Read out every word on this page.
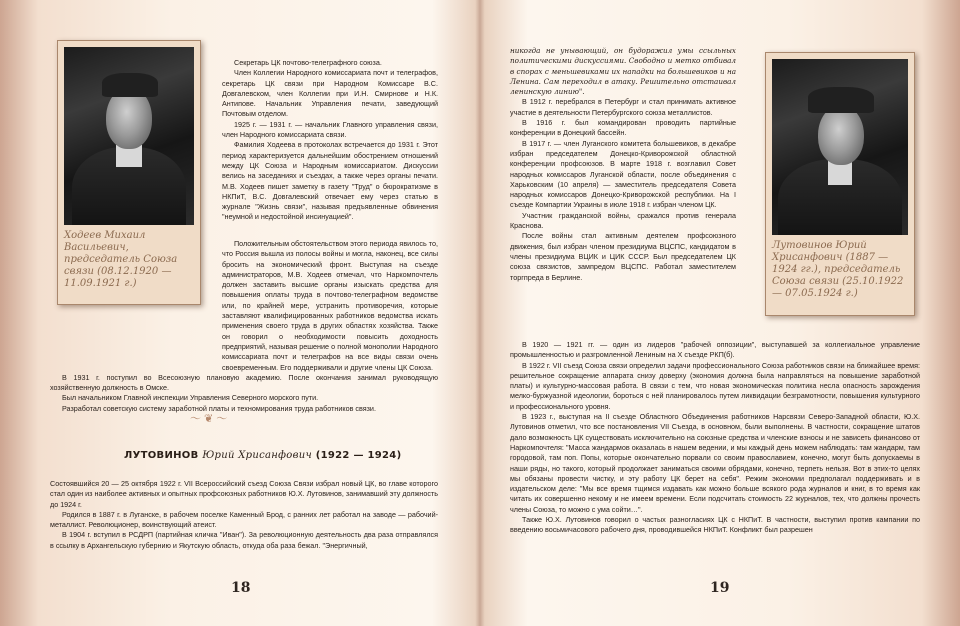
Ходеев Михаил Васильевич, председатель Союза связи (08.12.1920 — 11.09.1921 г.)

Секретарь ЦК почтово-телеграфного союза.

Член Коллегии Народного комиссариата почт и телеграфов, секретарь ЦК связи при Народном Комиссаре В.С. Довгалевском, член Коллегии при И.Н. Смирнове и Н.К. Антипове. Начальник Управления печати, заведующий Почтовым отделом.

1925 г. — 1931 г. — начальник Главного управления связи, член Народного комиссариата связи.

Фамилия Ходеева в протоколах встречается до 1931 г. Этот период характеризуется дальнейшим обострением отношений между ЦК Союза и Народным комиссариатом. Дискуссии велись на заседаниях и съездах, а также через органы печати. М.В. Ходеев пишет заметку в газету "Труд" о бюрократизме в НКПиТ, В.С. Довгалевский отвечает ему через статью в журнале "Жизнь связи", называя предъявленные обвинения "неумной и недостойной инсинуацией".

Положительным обстоятельством этого периода явилось то, что Россия вышла из полосы войны и могла, наконец, все силы бросить на экономический фронт. Выступая на съезде администраторов, М.В. Ходеев отмечал, что Наркомпочтель должен заставить высшие органы изыскать средства для повышения оплаты труда в почтово-телеграфном ведомстве или, по крайней мере, устранить противоречия, которые заставляют квалифицированных работников ведомства искать применения своего труда в других областях хозяйства. Также он говорил о необходимости повысить доходность предприятий, называя решение о полной монополии Народного комиссариата почт и телеграфов на все виды связи очень своевременным. Его поддерживали и другие члены ЦК Союза.

В 1931 г. поступил во Всесоюзную плановую академию. После окончания занимал руководящую хозяйственную должность в Омске.

Был начальником Главной инспекции Управления Северного морского пути.

Разработал советскую систему заработной платы и техномирования труда работников связи.

〜❦〜
ЛУТОВИНОВ Юрий Хрисанфович (1922 — 1924)

Состоявшийся 20 — 25 октября 1922 г. VII Всероссийский съезд Союза Связи избрал новый ЦК, во главе которого стал один из наиболее активных и опытных профсоюзных работников Ю.Х. Лутовинов, занимавший эту должность до 1924 г.

Родился в 1887 г. в Луганске, в рабочем поселке Каменный Брод, с ранних лет работал на заводе — рабочий-металлист. Революционер, воинствующий атеист.

В 1904 г. вступил в РСДРП (партийная кличка "Иван"). За революционную деятельность два раза отправлялся в ссылку в Архангельскую губернию и Якутскую область, откуда оба раза бежал. "Энергичный,

18

никогда не унывающий, он будоражил умы ссыльных политическими дискуссиями. Свободно и метко отбивал в спорах с меньшевиками их нападки на большевиков и на Ленина. Сам переходил в атаку. Решительно отстаивал ленинскую линию".

В 1912 г. перебрался в Петербург и стал принимать активное участие в деятельности Петербургского союза металлистов.

В 1916 г. был командирован проводить партийные конференции в Донецкий бассейн.

В 1917 г. — член Луганского комитета большевиков, в декабре избран председателем Донецко-Криворожской областной конференции профсоюзов. В марте 1918 г. возглавил Совет народных комиссаров Луганской области, после объединения с Харьковским (10 апреля) — заместитель председателя Совета народных комиссаров Донецко-Криворожской республики. На I съезде Компартии Украины в июле 1918 г. избран членом ЦК.

Участник гражданской войны, сражался против генерала Краснова.

После войны стал активным деятелем профсоюзного движения, был избран членом президиума ВЦСПС, кандидатом в члены президиума ВЦИК и ЦИК СССР. Был председателем ЦК союза связистов, зампредом ВЦСПС. Работал заместителем торгпреда в Берлине.

Лутовинов Юрий Хрисанфович (1887 — 1924 гг.), председатель Союза связи (25.10.1922 — 07.05.1924 г.)

В 1920 — 1921 гг. — один из лидеров "рабочей оппозиции", выступавшей за коллегиальное управление промышленностью и разгромленной Лениным на X съезде РКП(б).

В 1922 г. VII съезд Союза связи определил задачи профессионального Союза работников связи на ближайшее время: решительное сокращение аппарата снизу доверху (экономия должна была направляться на повышение заработной платы) и культурно-массовая работа. В связи с тем, что новая экономическая политика несла опасность зарождения мелко-буржуазной идеологии, бороться с ней планировалось путем ликвидации безграмотности, повышения культурного и профессионального уровня.

В 1923 г., выступая на II съезде Областного Объединения работников Нарсвязи Северо-Западной области, Ю.Х. Лутовинов отметил, что все постановления VII Съезда, в основном, были выполнены. В частности, сокращение штатов дало возможность ЦК существовать исключительно на союзные средства и членские взносы и не зависеть финансово от Наркомпочтеля: "Масса жандармов оказалась в нашем ведении, и мы каждый день можем наблюдать: там жандарм, там городовой, там поп. Попы, которые окончательно порвали со своим православием, конечно, могут быть допускаемы в наши ряды, но такого, который продолжает заниматься своими обрядами, конечно, терпеть нельзя. Вот в этих-то целях мы обязаны провести чистку, и эту работу ЦК берет на себя". Режим экономии предполагал поддерживать и в издательском деле: "Мы все время тщимся издавать как можно больше всякого рода журналов и книг, в то время как читать их совершенно некому и не имеем времени. Если подсчитать стоимость 22 журналов, тех, что должны прочесть члены Союза, то можно с ума сойти…".

Также Ю.Х. Лутовинов говорил о частых разногласиях ЦК с НКПиТ. В частности, выступил против кампании по введению восьмичасового рабочего дня, проводившейся НКПиТ. Конфликт был разрешен

19
